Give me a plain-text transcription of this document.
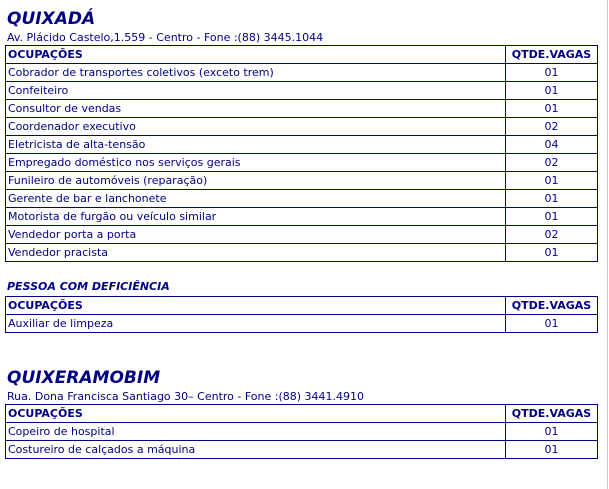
QUIXADÁ

Av. Plácido Castelo,1.559 - Centro - Fone :(88) 3445.1044

OCUPAÇÕES	QTDE.VAGAS
Cobrador de transportes coletivos (exceto trem)	01
Confeiteiro	01
Consultor de vendas	01
Coordenador executivo	02
Eletricista de alta-tensão	04
Empregado doméstico nos serviços gerais	02
Funileiro de automóveis (reparação)	01
Gerente de bar e lanchonete	01
Motorista de furgão ou veículo similar	01
Vendedor porta a porta	02
Vendedor pracista	01
PESSOA COM DEFICIÊNCIA
OCUPAÇÕES	QTDE.VAGAS
Auxiliar de limpeza	01
QUIXERAMOBIM

Rua. Dona Francisca Santiago 30– Centro - Fone :(88) 3441.4910

OCUPAÇÕES	QTDE.VAGAS
Copeiro de hospital	01
Costureiro de calçados a máquina	01
